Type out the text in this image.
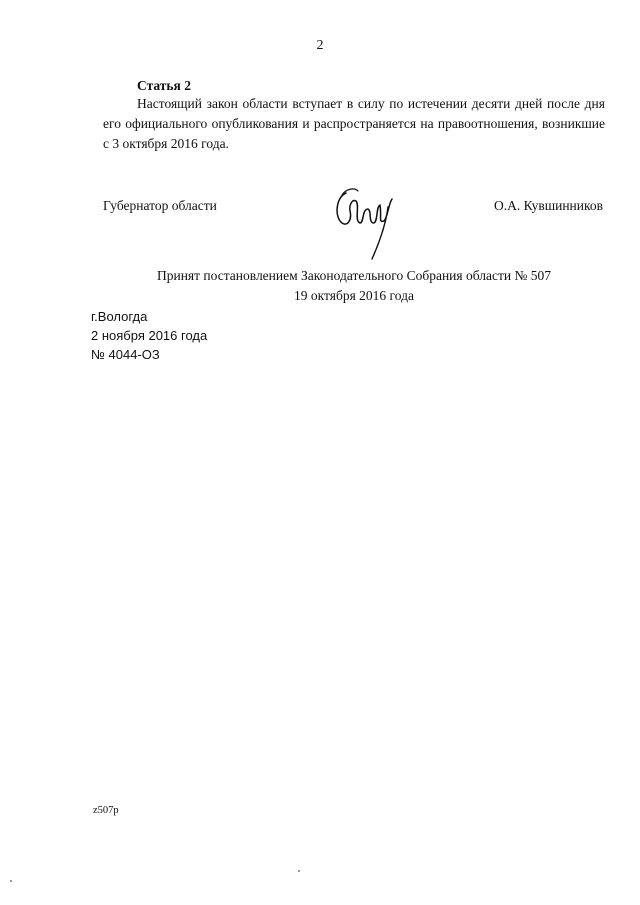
2
Статья 2

Настоящий закон области вступает в силу по истечении десяти дней после дня его официального опубликования и распространяется на правоотношения, возникшие с 3 октября 2016 года.

Губернатор области	О.А. Кувшинников
Принят постановлением Законодательного Собрания области № 507
19 октября 2016 года
г.Вологда
2 ноября 2016 года
№ 4044-ОЗ
z507р
